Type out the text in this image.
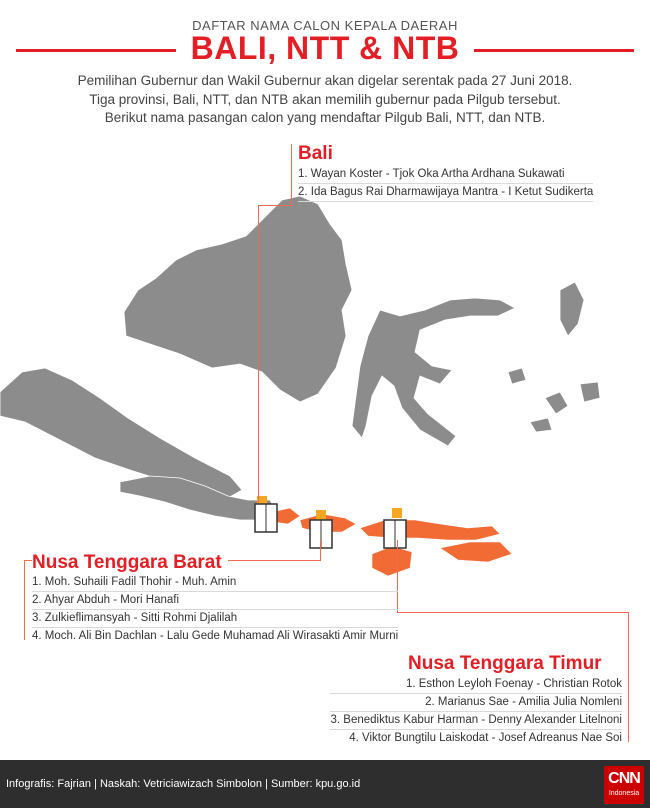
DAFTAR NAMA CALON KEPALA DAERAH
BALI, NTT & NTB
Pemilihan Gubernur dan Wakil Gubernur akan digelar serentak pada 27 Juni 2018.
Tiga provinsi, Bali, NTT, dan NTB akan memilih gubernur pada Pilgub tersebut.
Berikut nama pasangan calon yang mendaftar Pilgub Bali, NTT, dan NTB.
Bali
1. Wayan Koster - Tjok Oka Artha Ardhana Sukawati
2. Ida Bagus Rai Dharmawijaya Mantra - I Ketut Sudikerta
Nusa Tenggara Barat
1. Moh. Suhaili Fadil Thohir - Muh. Amin
2. Ahyar Abduh - Mori Hanafi
3. Zulkieflimansyah - Sitti Rohmi Djalilah
4. Moch. Ali Bin Dachlan - Lalu Gede Muhamad Ali Wirasakti Amir Murni
Nusa Tenggara Timur
1. Esthon Leyloh Foenay - Christian Rotok
2. Marianus Sae - Amilia Julia Nomleni
3. Benediktus Kabur Harman - Denny Alexander Litelnoni
4. Viktor Bungtilu Laiskodat - Josef Adreanus Nae Soi
Infografis: Fajrian | Naskah: Vetriciawizach Simbolon | Sumber: kpu.go.id	CNN
Indonesia
